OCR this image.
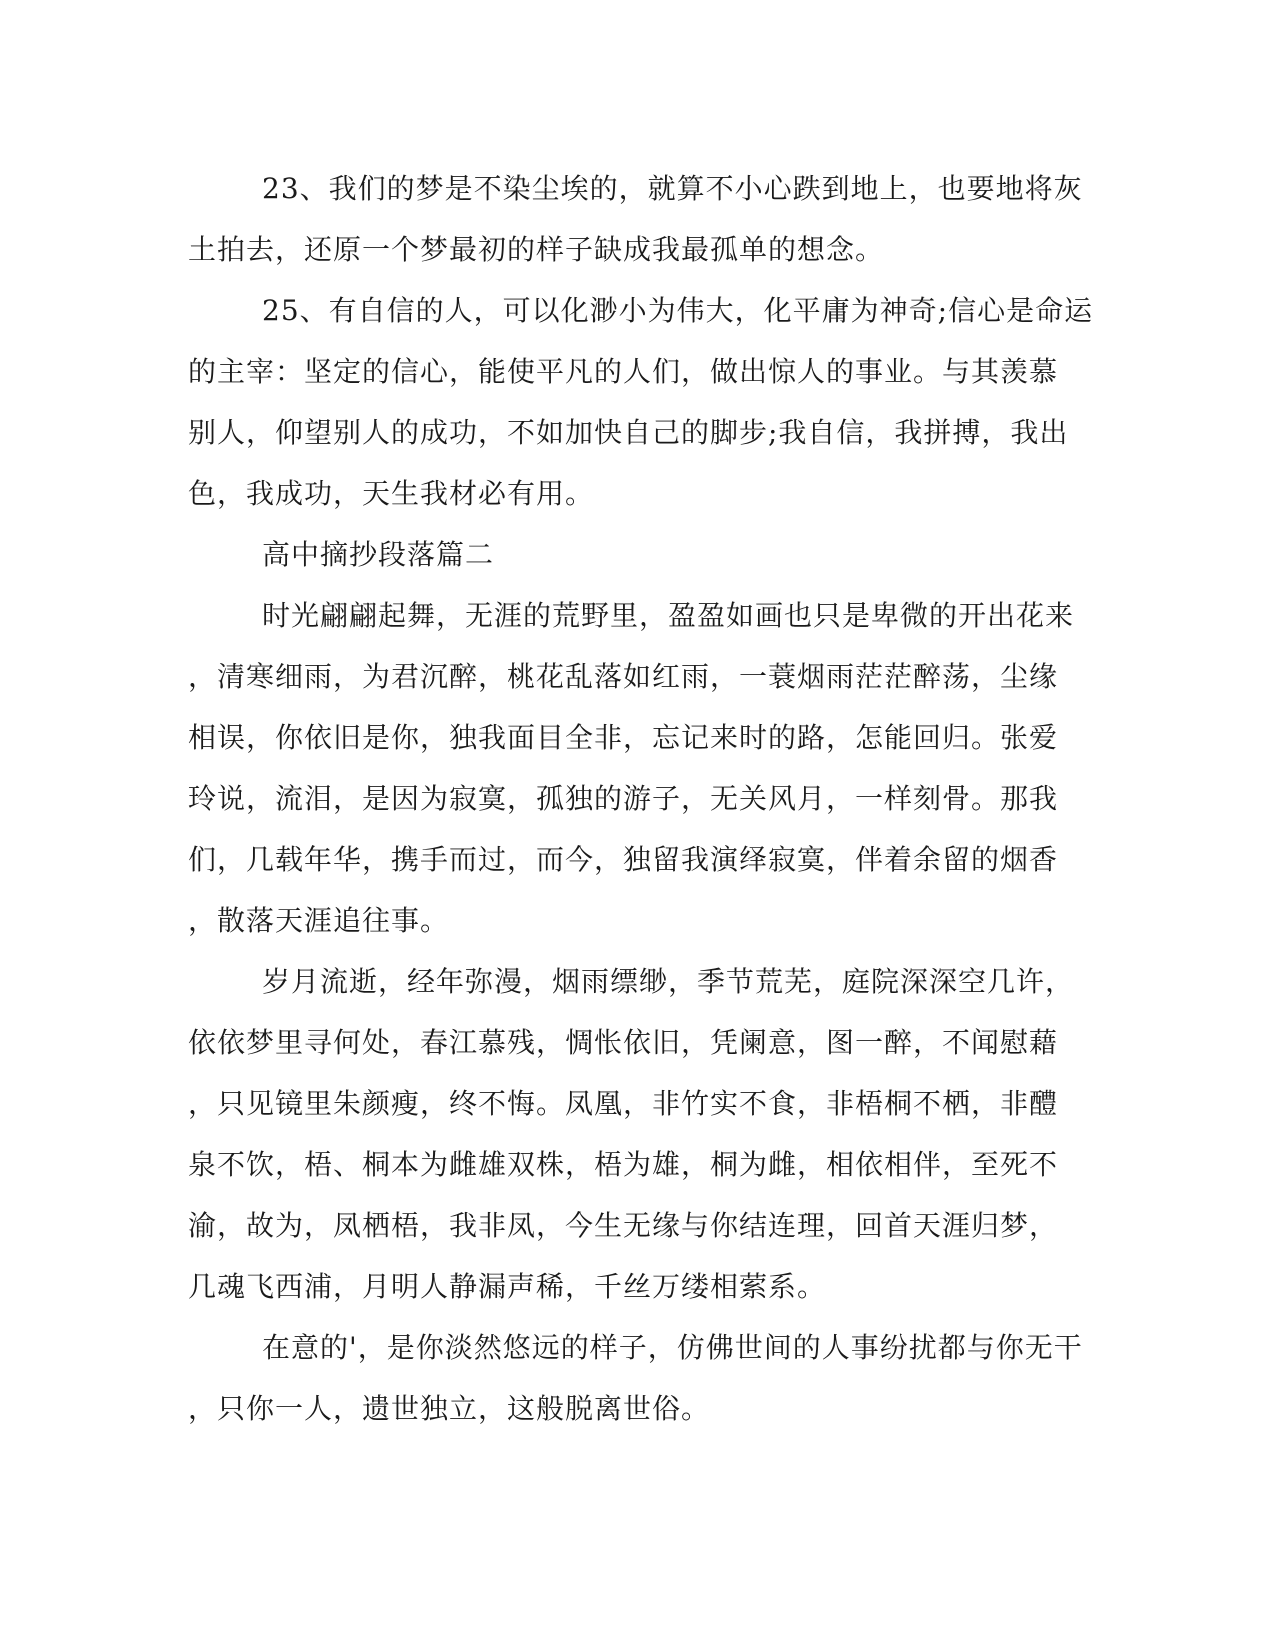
23、我们的梦是不染尘埃的，就算不小心跌到地上，也要地将灰
土拍去，还原一个梦最初的样子缺成我最孤单的想念。
25、有自信的人，可以化渺小为伟大，化平庸为神奇;信心是命运
的主宰：坚定的信心，能使平凡的人们，做出惊人的事业。与其羡慕
别人，仰望别人的成功，不如加快自己的脚步;我自信，我拼搏，我出
色，我成功，天生我材必有用。
高中摘抄段落篇二
时光翩翩起舞，无涯的荒野里，盈盈如画也只是卑微的开出花来
，清寒细雨，为君沉醉，桃花乱落如红雨，一蓑烟雨茫茫醉荡，尘缘
相误，你依旧是你，独我面目全非，忘记来时的路，怎能回归。张爱
玲说，流泪，是因为寂寞，孤独的游子，无关风月，一样刻骨。那我
们，几载年华，携手而过，而今，独留我演绎寂寞，伴着余留的烟香
，散落天涯追往事。
岁月流逝，经年弥漫，烟雨缥缈，季节荒芜，庭院深深空几许，
依依梦里寻何处，春江慕残，惆怅依旧，凭阑意，图一醉，不闻慰藉
，只见镜里朱颜瘦，终不悔。凤凰，非竹实不食，非梧桐不栖，非醴
泉不饮，梧、桐本为雌雄双株，梧为雄，桐为雌，相依相伴，至死不
渝，故为，凤栖梧，我非凤，今生无缘与你结连理，回首天涯归梦，
几魂飞西浦，月明人静漏声稀，千丝万缕相萦系。
在意的'，是你淡然悠远的样子，仿佛世间的人事纷扰都与你无干
，只你一人，遗世独立，这般脱离世俗。
